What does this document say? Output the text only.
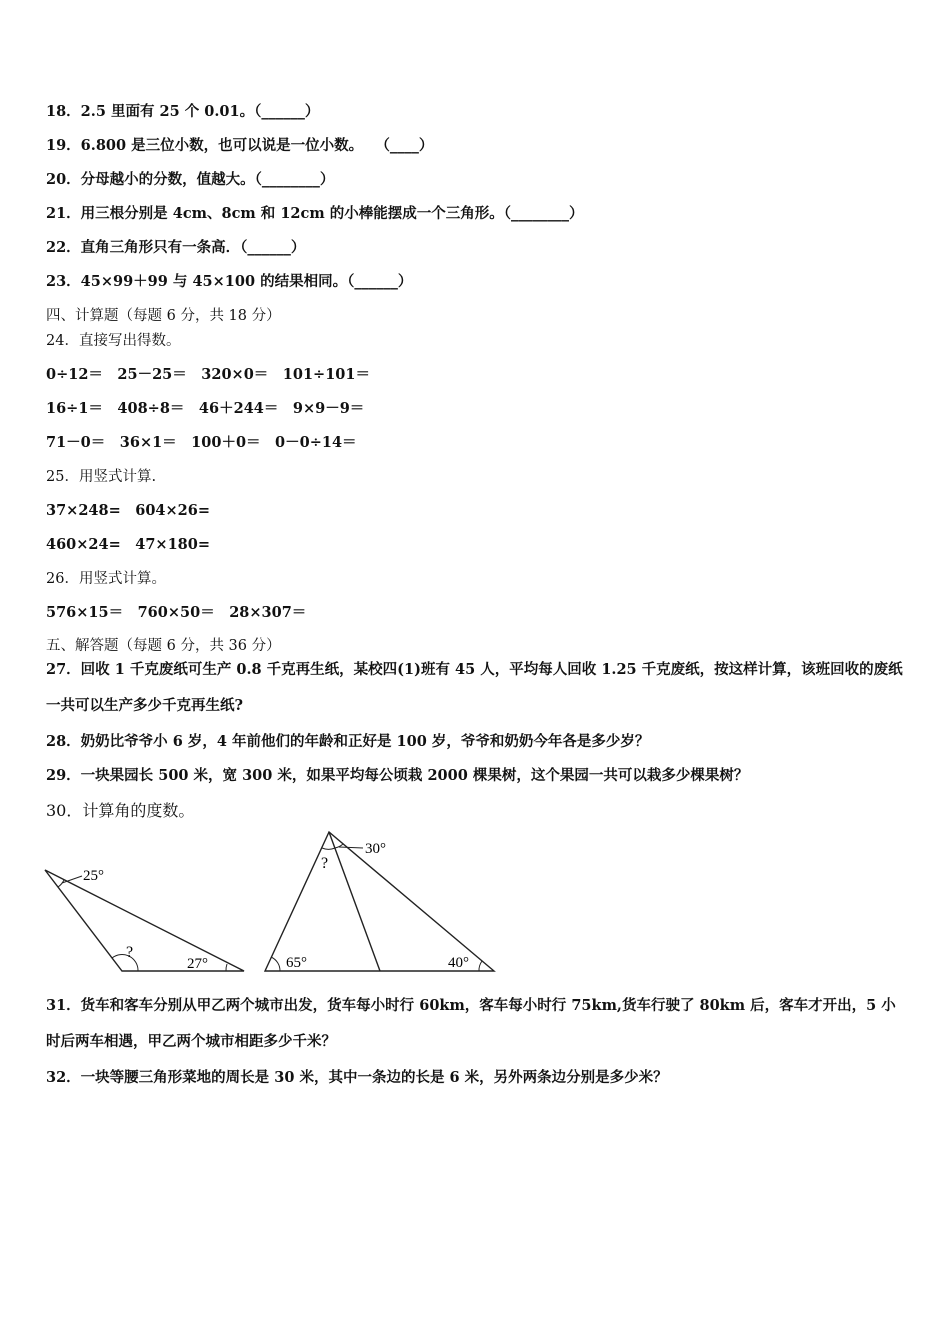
18．2.5 里面有 25 个 0.01。（______）
19．6.800 是三位小数，也可以说是一位小数。　 （____）
20．分母越小的分数，值越大。（________）
21．用三根分别是 4cm、8cm 和 12cm 的小棒能摆成一个三角形。（________）
22．直角三角形只有一条高．（______）
23．45×99＋99 与 45×100 的结果相同。（______）
四、计算题（每题 6 分，共 18 分）
24．直接写出得数。
0÷12＝　25－25＝　320×0＝　101÷101＝
16÷1＝　408÷8＝　46＋244＝　9×9－9＝
71－0＝　36×1＝　100＋0＝　0－0÷14＝
25．用竖式计算.
37×248=　604×26=
460×24=　47×180=
26．用竖式计算。
576×15＝　760×50＝　28×307＝
五、解答题（每题 6 分，共 36 分）
27．回收 1 千克废纸可生产 0.8 千克再生纸，某校四(1)班有 45 人，平均每人回收 1.25 千克废纸，按这样计算，该班回收的废纸一共可以生产多少千克再生纸?
28．奶奶比爷爷小 6 岁，4 年前他们的年龄和正好是 100 岁，爷爷和奶奶今年各是多少岁？
29．一块果园长 500 米，宽 300 米，如果平均每公顷栽 2000 棵果树，这个果园一共可以栽多少棵果树？
30．计算角的度数。
25°
?
27°
?
30°
65°	40°
31．货车和客车分别从甲乙两个城市出发，货车每小时行 60km，客车每小时行 75km,货车行驶了 80km 后，客车才开出，5 小时后两车相遇，甲乙两个城市相距多少千米？
32．一块等腰三角形菜地的周长是 30 米，其中一条边的长是 6 米，另外两条边分别是多少米？
